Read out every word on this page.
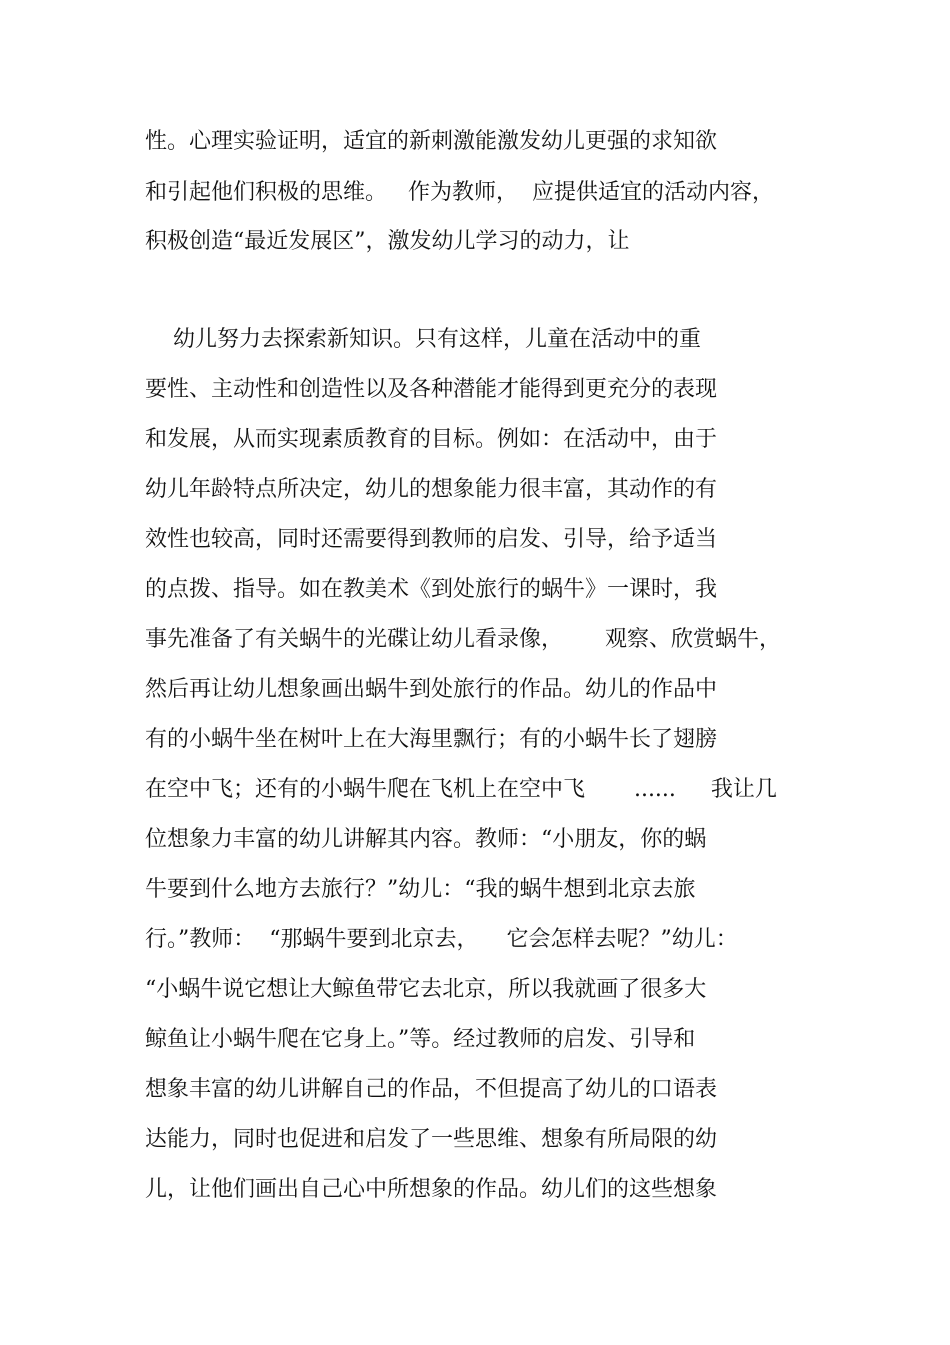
性。心理实验证明，适宜的新刺激能激发幼儿更强的求知欲
和引起他们积极的思维。   作为教师，  应提供适宜的活动内容，
积极创造“最近发展区”，激发幼儿学习的动力，让
幼儿努力去探索新知识。只有这样，儿童在活动中的重
要性、主动性和创造性以及各种潜能才能得到更充分的表现
和发展，从而实现素质教育的目标。例如：在活动中，由于
幼儿年龄特点所决定，幼儿的想象能力很丰富，其动作的有
效性也较高，同时还需要得到教师的启发、引导，给予适当
的点拨、指导。如在教美术《到处旅行的蜗牛》一课时，我
事先准备了有关蜗牛的光碟让幼儿看录像，      观察、欣赏蜗牛，
然后再让幼儿想象画出蜗牛到处旅行的作品。幼儿的作品中
有的小蜗牛坐在树叶上在大海里飘行；有的小蜗牛长了翅膀
在空中飞；还有的小蜗牛爬在飞机上在空中飞       ......     我让几
位想象力丰富的幼儿讲解其内容。教师：“小朋友，你的蜗
牛要到什么地方去旅行？”幼儿：“我的蜗牛想到北京去旅
行。”教师：  “那蜗牛要到北京去，    它会怎样去呢？”幼儿：
“小蜗牛说它想让大鲸鱼带它去北京，所以我就画了很多大
鲸鱼让小蜗牛爬在它身上。”等。经过教师的启发、引导和
想象丰富的幼儿讲解自己的作品，不但提高了幼儿的口语表
达能力，同时也促进和启发了一些思维、想象有所局限的幼
儿，让他们画出自己心中所想象的作品。幼儿们的这些想象
